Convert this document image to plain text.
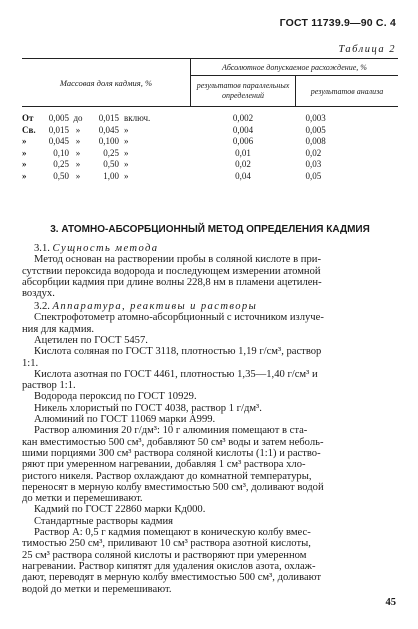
ГОСТ 11739.9—90 С. 4
Таблица 2
Массовая доля кадмия, %	Абсолютное допускаемое расхождение, %	
	результатов параллельных определений	результатов анализа
От 0,005 до 0,015 включ.	0,002	0,003
Св. 0,015 » 0,045 »	0,004	0,005
» 0,045 » 0,100 »	0,006	0,008
» 0,10 » 0,25 »	0,01	0,02
» 0,25 » 0,50 »	0,02	0,03
» 0,50 » 1,00 »	0,04	0,05
3. АТОМНО-АБСОРБЦИОННЫЙ МЕТОД ОПРЕДЕЛЕНИЯ КАДМИЯ
3.1. Сущность метода
Метод основан на растворении пробы в соляной кислоте в при-
сутствии пероксида водорода и последующем измерении атомной
абсорбции кадмия при длине волны 228,8 нм в пламени ацетилен-
воздух.
3.2. Аппаратура, реактивы и растворы
Спектрофотометр атомно-абсорбционный с источником излуче-
ния для кадмия.
Ацетилен по ГОСТ 5457.
Кислота соляная по ГОСТ 3118, плотностью 1,19 г/см³, раствор
1:1.
Кислота азотная по ГОСТ 4461, плотностью 1,35—1,40 г/см³ и
раствор 1:1.
Водорода пероксид по ГОСТ 10929.
Никель хлористый по ГОСТ 4038, раствор 1 г/дм³.
Алюминий по ГОСТ 11069 марки А999.
Раствор алюминия 20 г/дм³: 10 г алюминия помещают в ста-
кан вместимостью 500 см³, добавляют 50 см³ воды и затем неболь-
шими порциями 300 см³ раствора соляной кислоты (1:1) и раство-
ряют при умеренном нагревании, добавляя 1 см³ раствора хло-
ристого никеля. Раствор охлаждают до комнатной температуры,
переносят в мерную колбу вместимостью 500 см³, доливают водой
до метки и перемешивают.
Кадмий по ГОСТ 22860 марки Кд000.
Стандартные растворы кадмия
Раствор А: 0,5 г кадмия помещают в коническую колбу вмес-
тимостью 250 см³, приливают 10 см³ раствора азотной кислоты,
25 см³ раствора соляной кислоты и растворяют при умеренном
нагревании. Раствор кипятят для удаления окислов азота, охлаж-
дают, переводят в мерную колбу вместимостью 500 см³, доливают
водой до метки и перемешивают.
45
